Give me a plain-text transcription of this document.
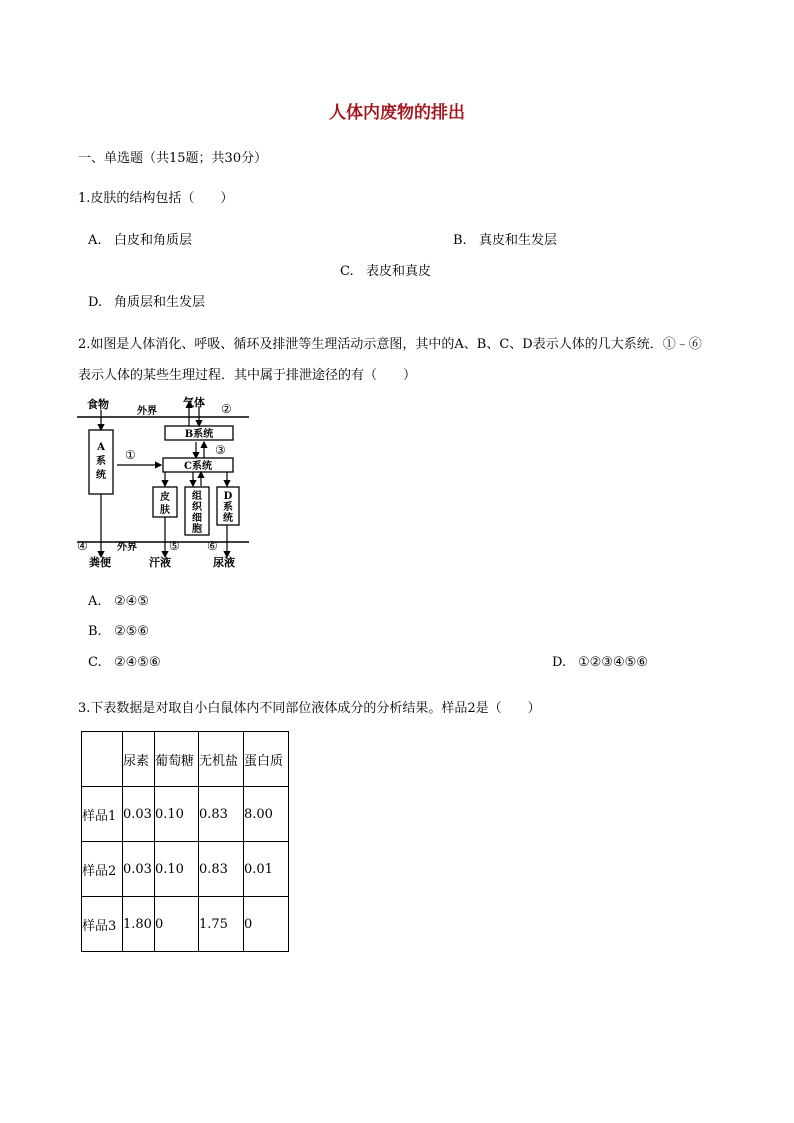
人体内废物的排出
一、单选题（共15题；共30分）
1.皮肤的结构包括（　　）
A. 白皮和角质层	B. 真皮和生发层
C. 表皮和真皮
D. 角质层和生发层
2.如图是人体消化、呼吸、循环及排泄等生理活动示意图，其中的A、B、C、D表示人体的几大系统．①﹣⑥
表示人体的某些生理过程．其中属于排泄途径的有（　　）
食物	气体 ②
外界
A
系
统
B系统
③
①
C系统
皮
肤
组
织
细
胞
D
系
统
④	外界	⑤ ⑥
粪便	汗液	尿液
A. ②④⑤
B. ②⑤⑥
C. ②④⑤⑥	D. ①②③④⑤⑥
3.下表数据是对取自小白鼠体内不同部位液体成分的分析结果。样品2是（　　）
	尿素	葡萄糖	无机盐	蛋白质
样品1	0.03	0.10	0.83	8.00
样品2	0.03	0.10	0.83	0.01
样品3	1.80	0	1.75	0
